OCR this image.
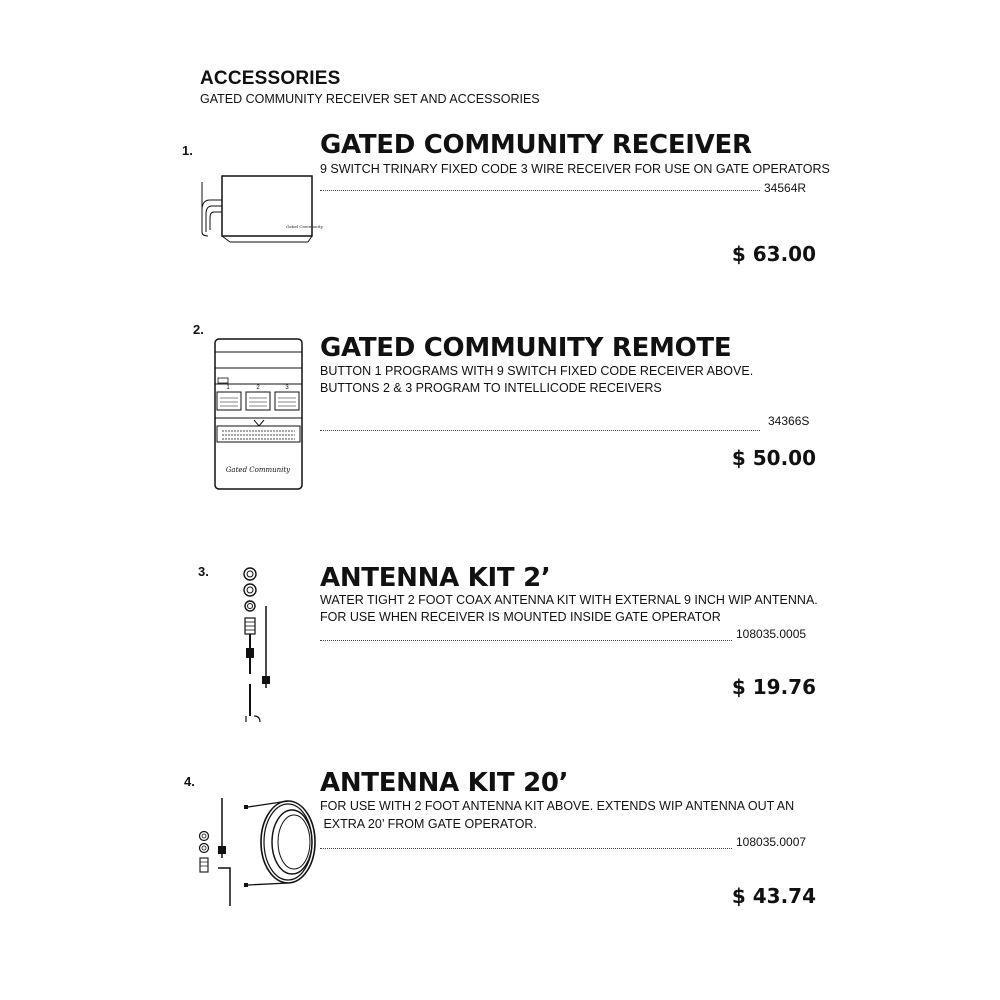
ACCESSORIES
GATED COMMUNITY RECEIVER SET AND ACCESSORIES
1.
Gated Community
GATED COMMUNITY RECEIVER
9 SWITCH TRINARY FIXED CODE 3 WIRE RECEIVER FOR USE ON GATE OPERATORS
34564R
$ 63.00
2.
1	2	3
Gated Community
GATED COMMUNITY REMOTE
BUTTON 1 PROGRAMS WITH 9 SWITCH FIXED CODE RECEIVER ABOVE.
BUTTONS 2 & 3 PROGRAM TO INTELLICODE RECEIVERS
34366S
$ 50.00
3.	ANTENNA KIT 2’
WATER TIGHT 2 FOOT COAX ANTENNA KIT WITH EXTERNAL 9 INCH WIP ANTENNA.
FOR USE WHEN RECEIVER IS MOUNTED INSIDE GATE OPERATOR
108035.0005
$ 19.76
4.	ANTENNA KIT 20’
FOR USE WITH 2 FOOT ANTENNA KIT ABOVE. EXTENDS WIP ANTENNA OUT AN
EXTRA 20’ FROM GATE OPERATOR.
108035.0007
$ 43.74
